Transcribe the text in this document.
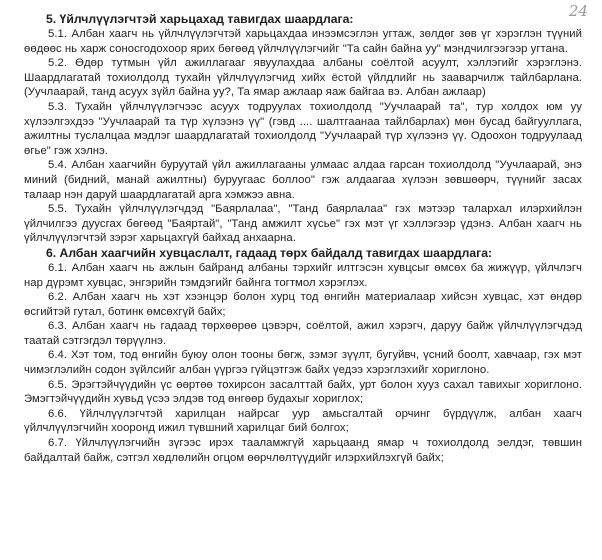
24
5. Үйлчлүүлэгчтэй харьцахад тавигдах шаардлага:

5.1. Албан хаагч нь үйлчлүүлэгчтэй харьцахдаа инээмсэглэн угтаж, зөлдөг зөв үг хэрэглэн түүний өөдөөс нь харж соносгодохоор ярих бөгөөд үйлчлүүлэгчийг "Та сайн байна уу" мэндчилгээгээр угтана.

5.2. Өдөр тутмын үйл ажиллагааг явуулахдаа албаны соёлтой асуулт, хэллэгийг хэрэглэнэ. Шаардлагатай тохиолдолд тухайн үйлчлүүлэгчид хийх ёстой үйлдлийг нь зааварчилж тайлбарлана. (Уучлаарай, танд асуух зүйл байна уу?, Та ямар ажлаар яаж байгаа вэ. Албан ажлаар)

5.3. Тухайн үйлчлүүлэгчээс асуух тодруулах тохиолдолд "Уучлаарай та", тур холдох юм уу хүлээлгэхдээ "Уучлаарай та түр хүлээнэ үү" (гэвд .... шалтгаанаа тайлбарлах) мөн бусад байгууллага, ажилтны туслалцаа мэдлэг шаардлагатай тохиолдолд "Уучлаарай түр хүлээнэ үү. Одоохон тодруулаад өгье" гэж хэлнэ.

5.4. Албан хаагчийн буруутай үйл ажиллагааны улмаас алдаа гарсан тохиолдолд "Уучлаарай, энэ миний (бидний, манай ажилтны) буруугаас боллоо" гэж алдаагаа хүлээн зөвшөөрч, түүнийг засах талаар нэн даруй шаардлагатай арга хэмжээ авна.

5.5. Тухайн үйлчлүүлэгчдэд "Баярлалаа", "Танд баярлалаа" гэх мэтээр талархал илэрхийлэн үйлчилгээ дуусгах бөгөөд "Баяртай", "Танд амжилт хүсье" гэх мэт үг хэллэгээр үдэнэ. Албан хаагч нь үйлчлүүлэгчтэй зэрэг харьцахгүй байхад анхаарна.

6. Албан хаагчийн хувцаслалт, гадаад төрх байдалд тавигдах шаардлага:

6.1. Албан хаагч нь ажлын байранд албаны тэрхийг илтгэсэн хувцсыг өмсөх ба жижүүр, үйлчлэгч нар дүрэмт хувцас, энгэрийн тэмдэгийг байнга тогтмол хэрэглэх.

6.2. Албан хаагч нь хэт хээнцэр болон хурц тод өнгийн материалаар хийсэн хувцас, хэт өндөр өсгийтэй гутал, ботинк өмсөхгүй байх;

6.3. Албан хаагч нь гадаад төрхөөрөө цэвэрч, соёлтой, ажил хэрэгч, даруу байж үйлчлүүлэгчдэд таатай сэтгэгдэл төрүүлнэ.

6.4. Хэт том, тод өнгийн буюу олон тооны бөгж, зэмэг зүүлт, бугуйвч, үсний боолт, хавчаар, гэх мэт чимэглэлийн содон зүйлсийг албан үүргээ гүйцэтгэж байх үедээ хэрэглэхийг хориглоно.

6.5. Эрэгтэйчүүдийн үс өөртөө тохирсон засалттай байх, урт болон хууз сахал тавихыг хориглоно. Эмэгтэйчүүдийн хувьд үсээ элдэв тод өнгөөр будахыг хориглох;

6.6. Үйлчлүүлэгчтэй харилцан найрсаг уур амьсгалтай орчинг бүрдүүлж, албан хаагч үйлчлүүлэгчийн хооронд ижил түвшний харилцаг бий болгох;

6.7. Үйлчлүүлэгчийн зүгээс ирэх тааламжгүй харьцаанд ямар ч тохиолдолд эелдэг, төвшин байдалтай байж, сэтгэл хөдлөлийн огцом өөрчлөлтүүдийг илэрхийлэхгүй байх;
